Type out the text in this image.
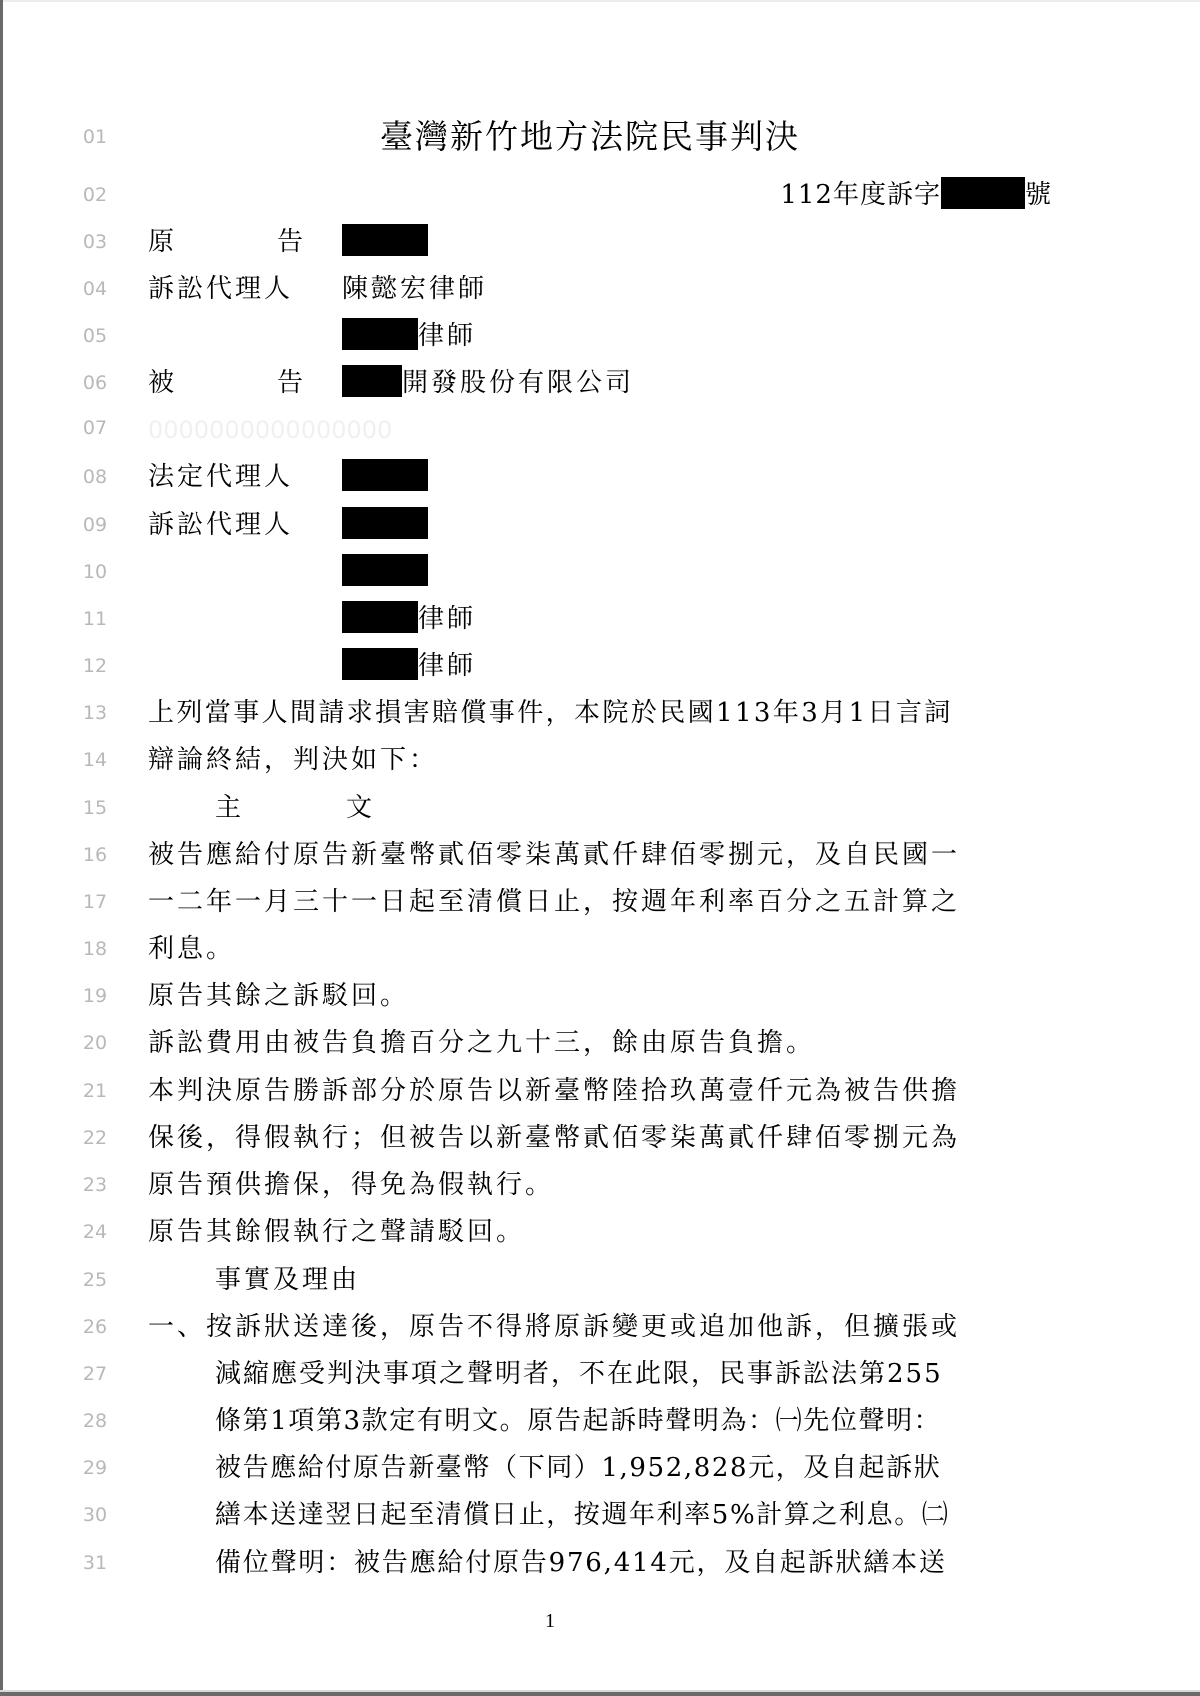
01
02
03
04
05
06
07
08
09
10
11
12
13
14
15
16
17
18
19
20
21
22
23
24
25
26
27
28
29
30
31
臺灣新竹地方法院民事判決
112年度訴字	號
原	告
訴訟代理人 陳懿宏律師
律師
被	告	開發股份有限公司
0000000000000000
法定代理人
訴訟代理人
律師
律師
上列當事人間請求損害賠償事件，本院於民國113年3月1日言詞
辯論終結，判決如下：
主	文
被告應給付原告新臺幣貳佰零柒萬貳仟肆佰零捌元，及自民國一
一二年一月三十一日起至清償日止，按週年利率百分之五計算之
利息。
原告其餘之訴駁回。
訴訟費用由被告負擔百分之九十三，餘由原告負擔。
本判決原告勝訴部分於原告以新臺幣陸拾玖萬壹仟元為被告供擔
保後，得假執行；但被告以新臺幣貳佰零柒萬貳仟肆佰零捌元為
原告預供擔保，得免為假執行。
原告其餘假執行之聲請駁回。
事實及理由
一、按訴狀送達後，原告不得將原訴變更或追加他訴，但擴張或
減縮應受判決事項之聲明者，不在此限，民事訴訟法第255
條第1項第3款定有明文。原告起訴時聲明為：㈠先位聲明：
被告應給付原告新臺幣（下同）1,952,828元，及自起訴狀
繕本送達翌日起至清償日止，按週年利率5%計算之利息。㈡
備位聲明：被告應給付原告976,414元，及自起訴狀繕本送
1
